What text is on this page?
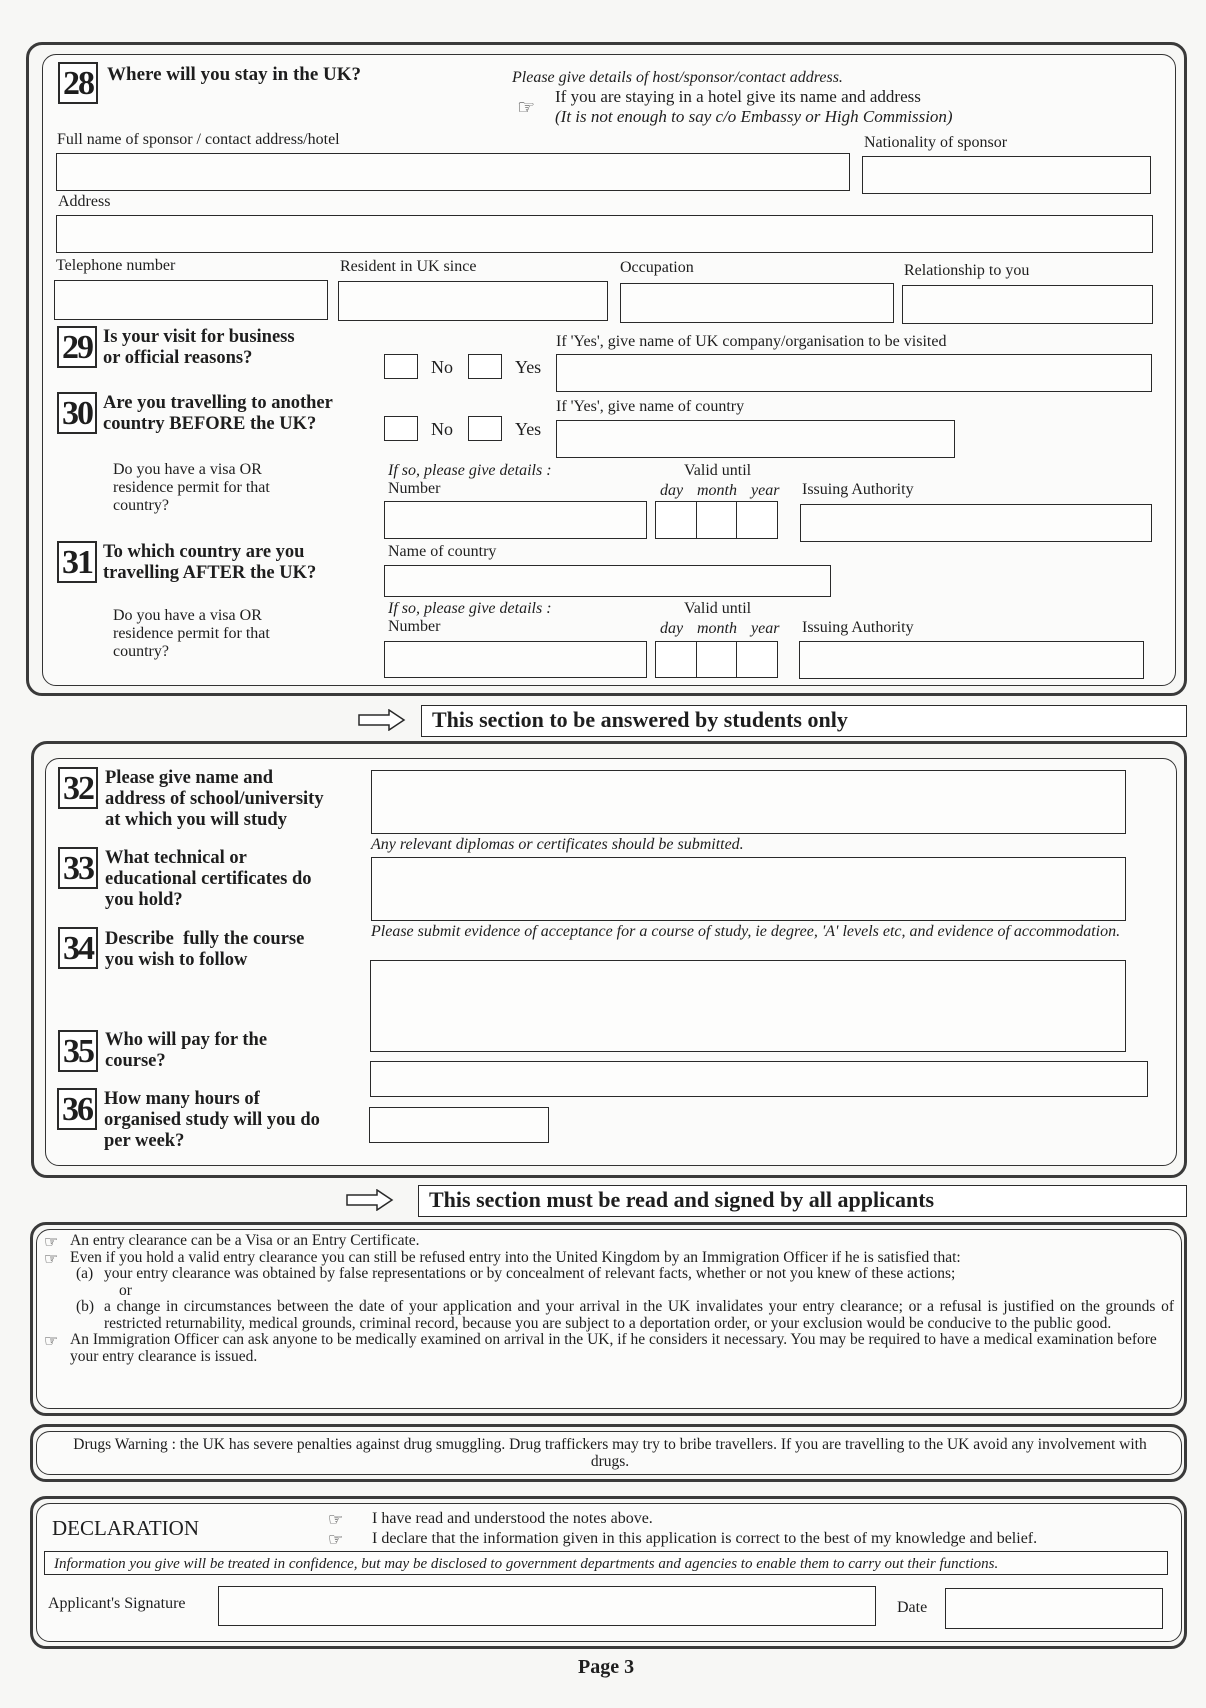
28 Where will you stay in the UK?	Please give details of host/sponsor/contact address.
☜ If you are staying in a hotel give its name and address
(It is not enough to say c/o Embassy or High Commission)
Full name of sponsor / contact address/hotel	Nationality of sponsor
Address
Telephone number	Resident in UK since	Occupation	Relationship to you
29 Is your visit for business
or official reasons?	No	Yes
If 'Yes', give name of UK company/organisation to be visited
30 Are you travelling to another
country BEFORE the UK?	No	Yes
If 'Yes', give name of country
Do you have a visa OR
residence permit for that
country?
If so, please give details :
Number
Valid until
day month year Issuing Authority
31 To which country are you
travelling AFTER the UK?
Name of country
Do you have a visa OR
residence permit for that
country?
If so, please give details :
Number
Valid until
day month year Issuing Authority
This section to be answered by students only
32 Please give name and
address of school/university
at which you will study
Any relevant diplomas or certificates should be submitted.
33 What technical or
educational certificates do
you hold?
Please submit evidence of acceptance for a course of study, ie degree, 'A' levels etc, and evidence of accommodation.
34 Describe  fully the course
you wish to follow
35 Who will pay for the
course?
36 How many hours of
organised study will you do
per week?
This section must be read and signed by all applicants
☜ An entry clearance can be a Visa or an Entry Certificate.
☜ Even if you hold a valid entry clearance you can still be refused entry into the United Kingdom by an Immigration Officer if he is satisfied that:
(a) your entry clearance was obtained by false representations or by concealment of relevant facts, whether or not you knew of these actions;
or
(b) a change in circumstances between the date of your application and your arrival in the UK invalidates your entry clearance; or a refusal is justified on the grounds of restricted returnability, medical grounds, criminal record, because you are subject to a deportation order, or your exclusion would be conducive to the public good.
☜ An Immigration Officer can ask anyone to be medically examined on arrival in the UK, if he considers it necessary. You may be required to have a medical examination before your entry clearance is issued.
Drugs Warning : the UK has severe penalties against drug smuggling. Drug traffickers may try to bribe travellers. If you are travelling to the UK avoid any involvement with drugs.
DECLARATION	☜
☜
I have read and understood the notes above.
I declare that the information given in this application is correct to the best of my knowledge and belief.
Information you give will be treated in confidence, but may be disclosed to government departments and agencies to enable them to carry out their functions.
Applicant's Signature	Date
Page 3
